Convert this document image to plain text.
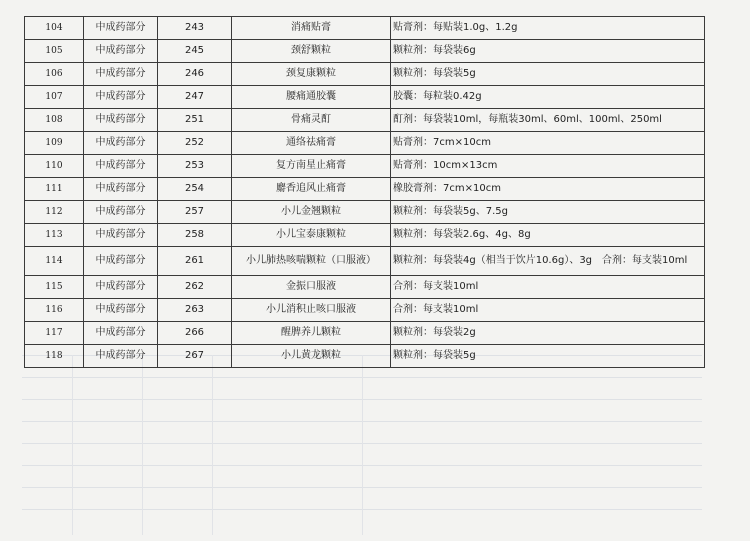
104	中成药部分	243	消痛贴膏	贴膏剂：每贴装1.0g、1.2g
105	中成药部分	245	颈舒颗粒	颗粒剂：每袋装6g
106	中成药部分	246	颈复康颗粒	颗粒剂：每袋装5g
107	中成药部分	247	腰痛通胶囊	胶囊：每粒装0.42g
108	中成药部分	251	骨痛灵酊	酊剂：每袋装10ml，每瓶装30ml、60ml、100ml、250ml
109	中成药部分	252	通络祛痛膏	贴膏剂：7cm×10cm
110	中成药部分	253	复方南星止痛膏	贴膏剂：10cm×13cm
111	中成药部分	254	麝香追风止痛膏	橡胶膏剂：7cm×10cm
112	中成药部分	257	小儿金翘颗粒	颗粒剂：每袋装5g、7.5g
113	中成药部分	258	小儿宝泰康颗粒	颗粒剂：每袋装2.6g、4g、8g
114	中成药部分	261	小儿肺热咳喘颗粒（口服液）	颗粒剂：每袋装4g（相当于饮片10.6g）、3g　合剂：每支装10ml
115	中成药部分	262	金振口服液	合剂：每支装10ml
116	中成药部分	263	小儿消积止咳口服液	合剂：每支装10ml
117	中成药部分	266	醒脾养儿颗粒	颗粒剂：每袋装2g
118	中成药部分	267	小儿黄龙颗粒	颗粒剂：每袋装5g
